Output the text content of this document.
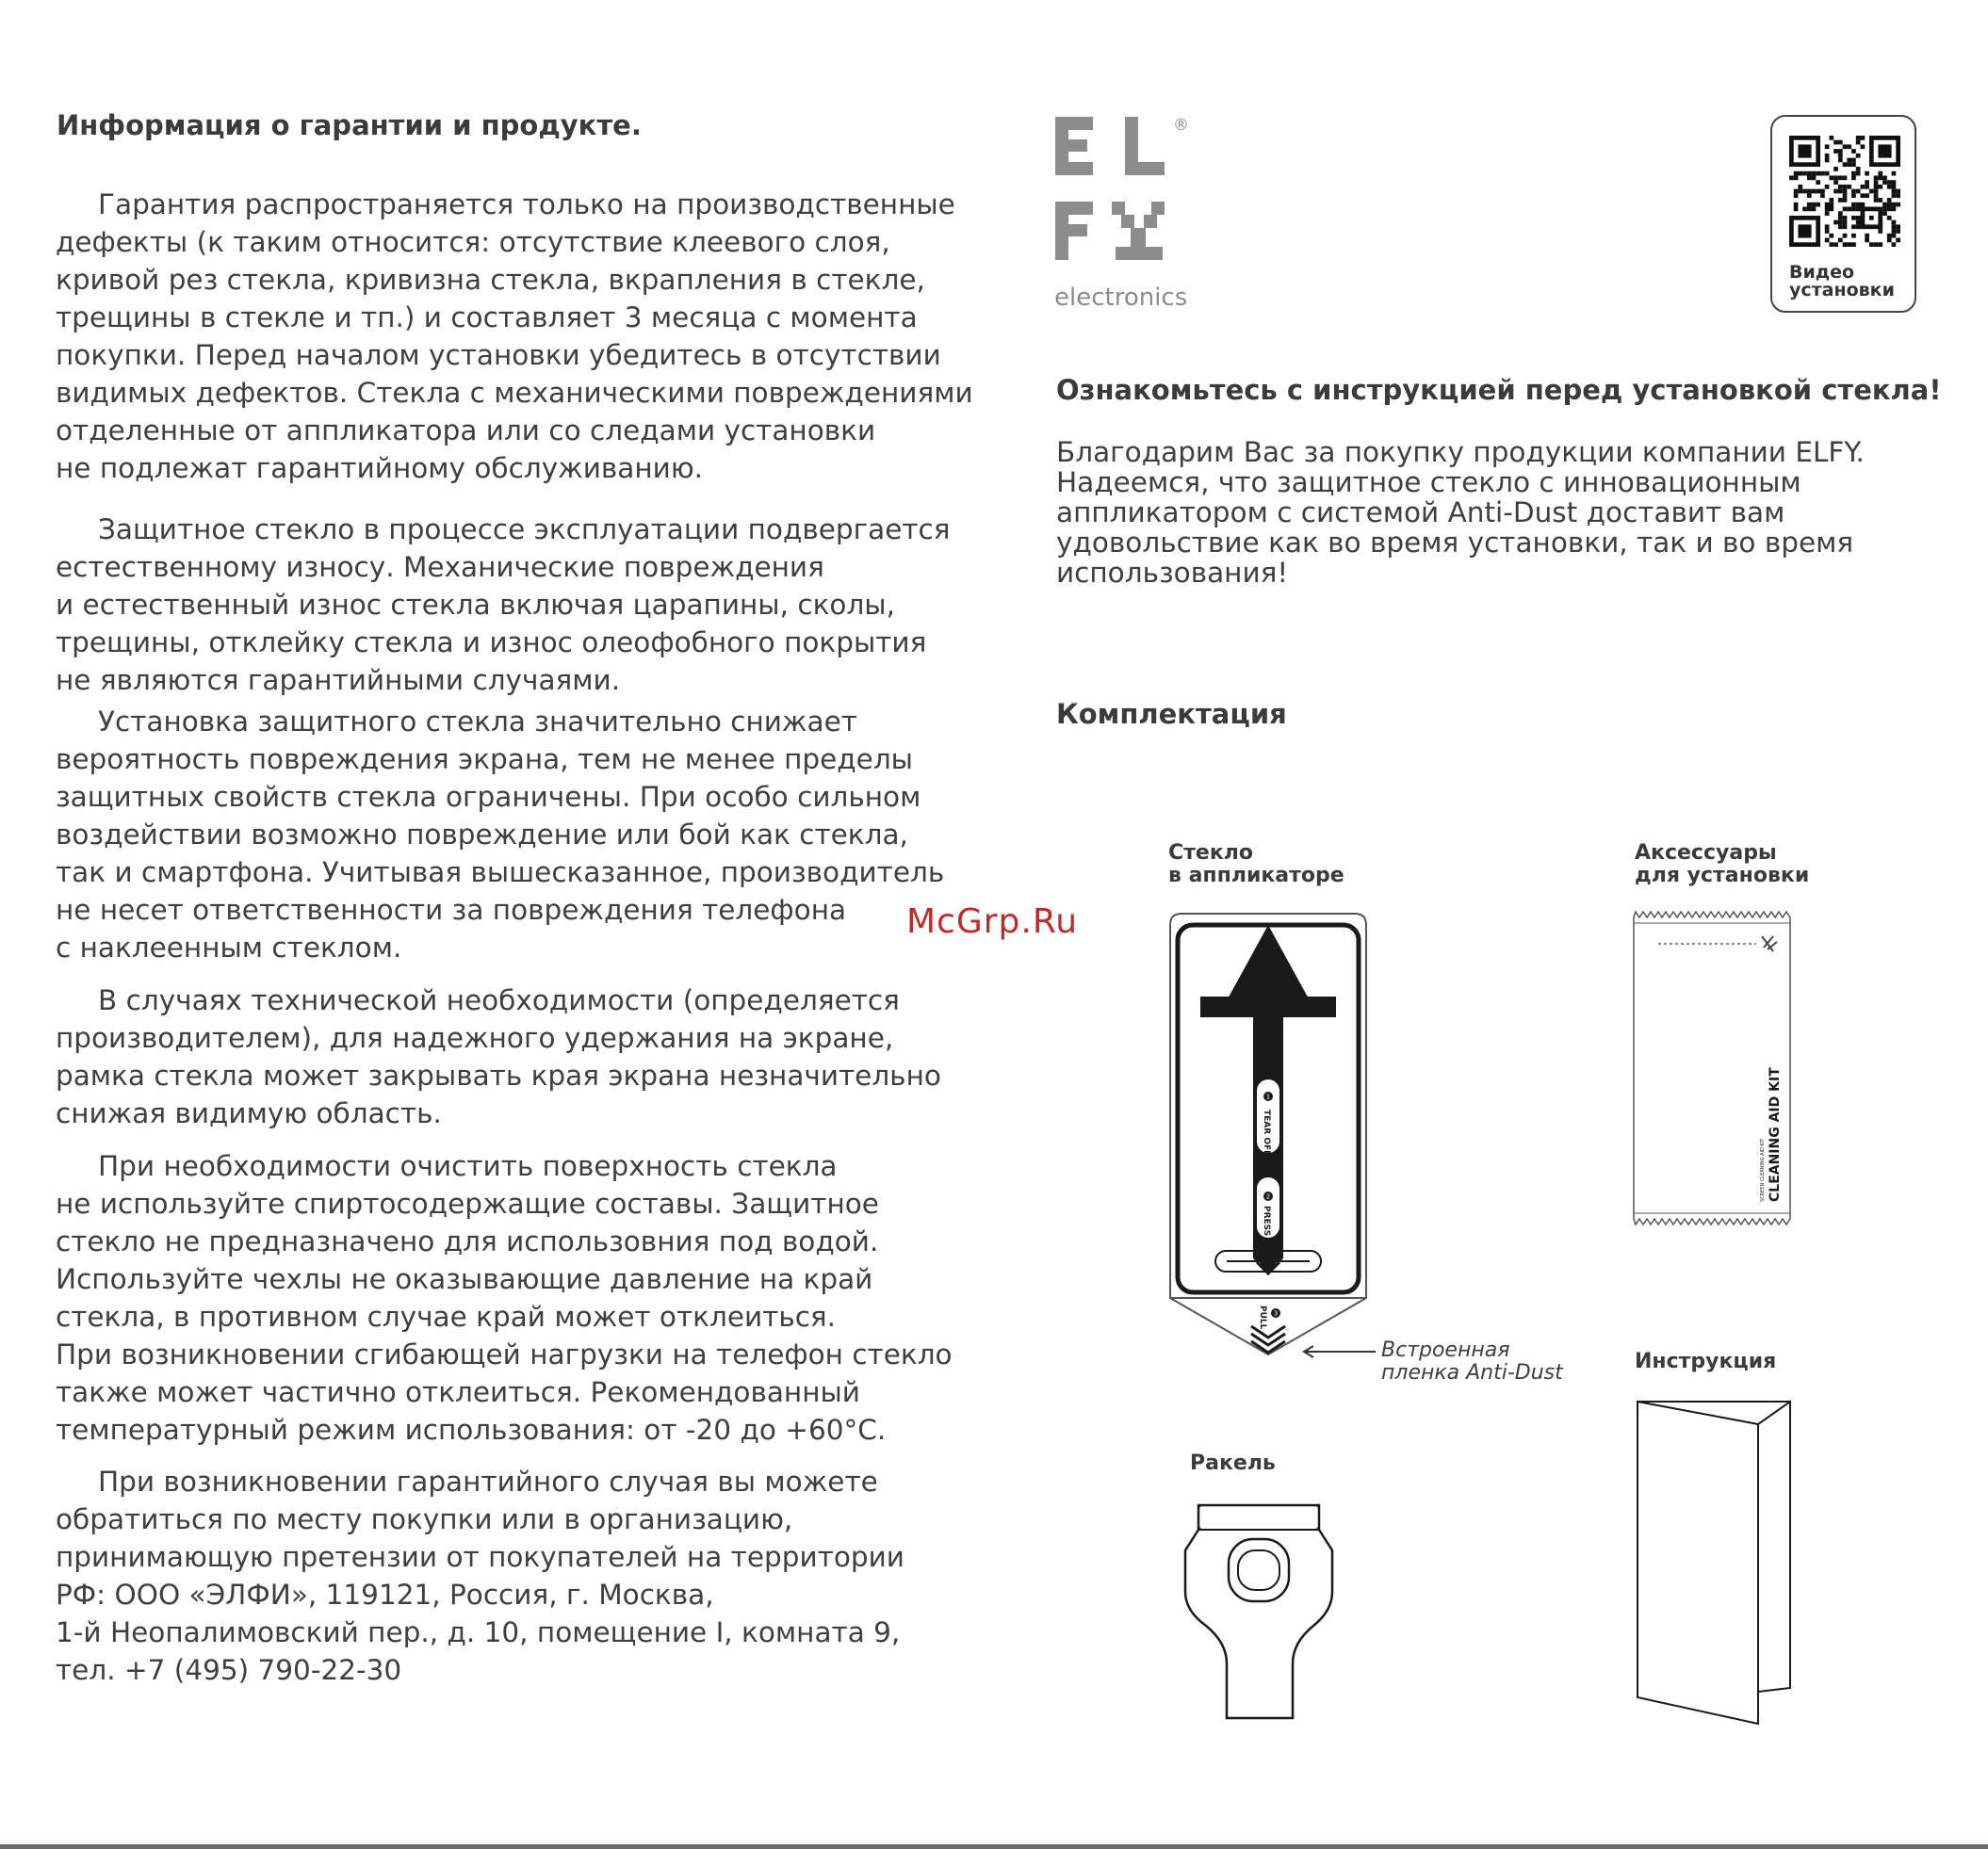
Информация о гарантии и продукте.
Гарантия распространяется только на производственные
дефекты (к таким относится: отсутствие клеевого слоя,
кривой рез стекла, кривизна стекла, вкрапления в стекле,
трещины в стекле и тп.) и составляет 3 месяца с момента
покупки. Перед началом установки убедитесь в отсутствии
видимых дефектов. Стекла с механическими повреждениями
отделенные от аппликатора или со следами установки
не подлежат гарантийному обслуживанию.
Защитное стекло в процессе эксплуатации подвергается
естественному износу. Механические повреждения
и естественный износ стекла включая царапины, сколы,
трещины, отклейку стекла и износ олеофобного покрытия
не являются гарантийными случаями.
Установка защитного стекла значительно снижает
вероятность повреждения экрана, тем не менее пределы
защитных свойств стекла ограничены. При особо сильном
воздействии возможно повреждение или бой как стекла,
так и смартфона. Учитывая вышесказанное, производитель
не несет ответственности за повреждения телефона
с наклеенным стеклом.
В случаях технической необходимости (определяется
производителем), для надежного удержания на экране,
рамка стекла может закрывать края экрана незначительно
снижая видимую область.
При необходимости очистить поверхность стекла
не используйте спиртосодержащие составы. Защитное
стекло не предназначено для использовния под водой.
Используйте чехлы не оказывающие давление на край
стекла, в противном случае край может отклеиться.
При возникновении сгибающей нагрузки на телефон стекло
также может частично отклеиться. Рекомендованный
температурный режим использования: от -20 до +60°С.
При возникновении гарантийного случая вы можете
обратиться по месту покупки или в организацию,
принимающую претензии от покупателей на территории
РФ: ООО «ЭЛФИ», 119121, Россия, г. Москва,
1-й Неопалимовский пер., д. 10, помещение I, комната 9,
тел. +7 (495) 790-22-30
®
electronics
Видео
установки
Ознакомьтесь с инструкцией перед установкой стекла!
Благодарим Вас за покупку продукции компании ELFY.
Надеемся, что защитное стекло с инновационным
аппликатором с системой Anti-Dust доставит вам
удовольствие как во время установки, так и во время
использования!
Комплектация
Стекло
в аппликаторе
Аксессуары
для установки
Ракель
Инструкция
Встроенная
пленка Anti-Dust
1
2
TEAR OFF
PRESS
3
PULL
CLEANING AID KIT
SCREEN CLEANING AID KIT
McGrp.Ru
